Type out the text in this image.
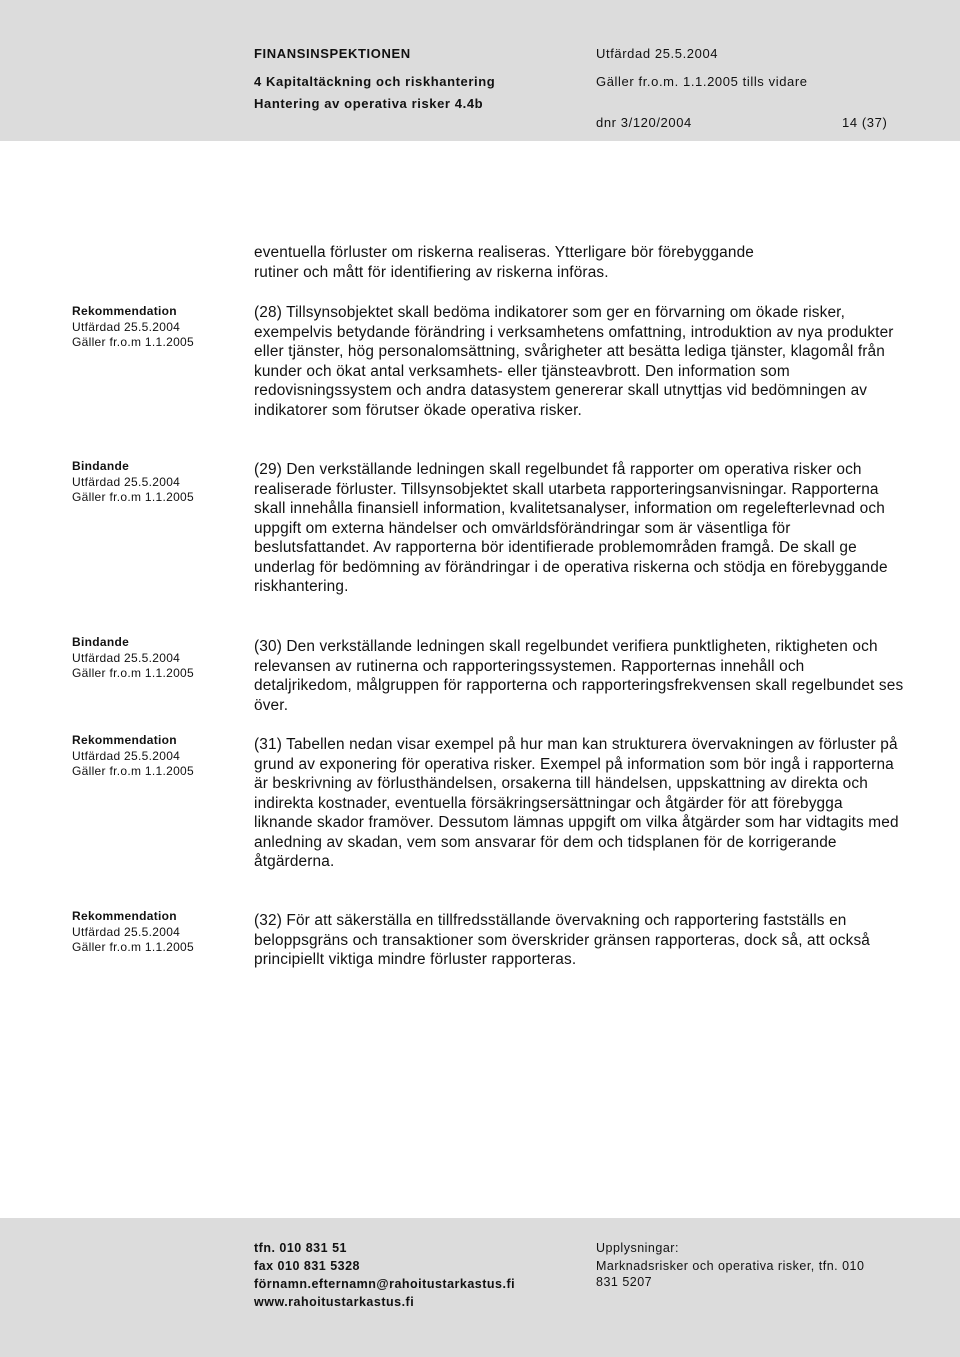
FINANSINSPEKTIONEN
4 Kapitaltäckning och riskhantering
Hantering av operativa risker 4.4b
Utfärdad 25.5.2004
Gäller fr.o.m. 1.1.2005 tills vidare
dnr 3/120/2004	14 (37)

eventuella förluster om riskerna realiseras. Ytterligare bör förebyggande

rutiner och mått för identifiering av riskerna införas.

Rekommendation
Utfärdad 25.5.2004
Gäller fr.o.m 1.1.2005
Bindande
Utfärdad 25.5.2004
Gäller fr.o.m 1.1.2005
Bindande
Utfärdad 25.5.2004
Gäller fr.o.m 1.1.2005
Rekommendation
Utfärdad 25.5.2004
Gäller fr.o.m 1.1.2005
Rekommendation
Utfärdad 25.5.2004
Gäller fr.o.m 1.1.2005

(28) Tillsynsobjektet skall bedöma indikatorer som ger en förvarning om ökade risker, exempelvis betydande förändring i verksamhetens omfattning, introduktion av nya produkter eller tjänster, hög personalomsättning, svårigheter att besätta lediga tjänster, klagomål från kunder och ökat antal verksamhets- eller tjänsteavbrott. Den information som redovisningssystem och andra datasystem genererar skall utnyttjas vid bedömningen av indikatorer som förutser ökade operativa risker.

(29) Den verkställande ledningen skall regelbundet få rapporter om operativa risker och realiserade förluster. Tillsynsobjektet skall utarbeta rapporteringsanvisningar. Rapporterna skall innehålla finansiell information, kvalitetsanalyser, information om regelefterlevnad och uppgift om externa händelser och omvärldsförändringar som är väsentliga för beslutsfattandet. Av rapporterna bör identifierade problemområden framgå. De skall ge underlag för bedömning av förändringar i de operativa riskerna och stödja en förebyggande riskhantering.

(30) Den verkställande ledningen skall regelbundet verifiera punktligheten, riktigheten och relevansen av rutinerna och rapporteringssystemen. Rapporternas innehåll och detaljrikedom, målgruppen för rapporterna och rapporteringsfrekvensen skall regelbundet ses över.

(31) Tabellen nedan visar exempel på hur man kan strukturera övervakningen av förluster på grund av exponering för operativa risker. Exempel på information som bör ingå i rapporterna är beskrivning av förlusthändelsen, orsakerna till händelsen, uppskattning av direkta och indirekta kostnader, eventuella försäkringsersättningar och åtgärder för att förebygga liknande skador framöver. Dessutom lämnas uppgift om vilka åtgärder som har vidtagits med anledning av skadan, vem som ansvarar för dem och tidsplanen för de korrigerande åtgärderna.

(32) För att säkerställa en tillfredsställande övervakning och rapportering fastställs en beloppsgräns och transaktioner som överskrider gränsen rapporteras, dock så, att också principiellt viktiga mindre förluster rapporteras.

tfn. 010 831 51
fax 010 831 5328
förnamn.efternamn@rahoitustarkastus.fi
www.rahoitustarkastus.fi
Upplysningar:
Marknadsrisker och operativa risker, tfn. 010
831 5207
